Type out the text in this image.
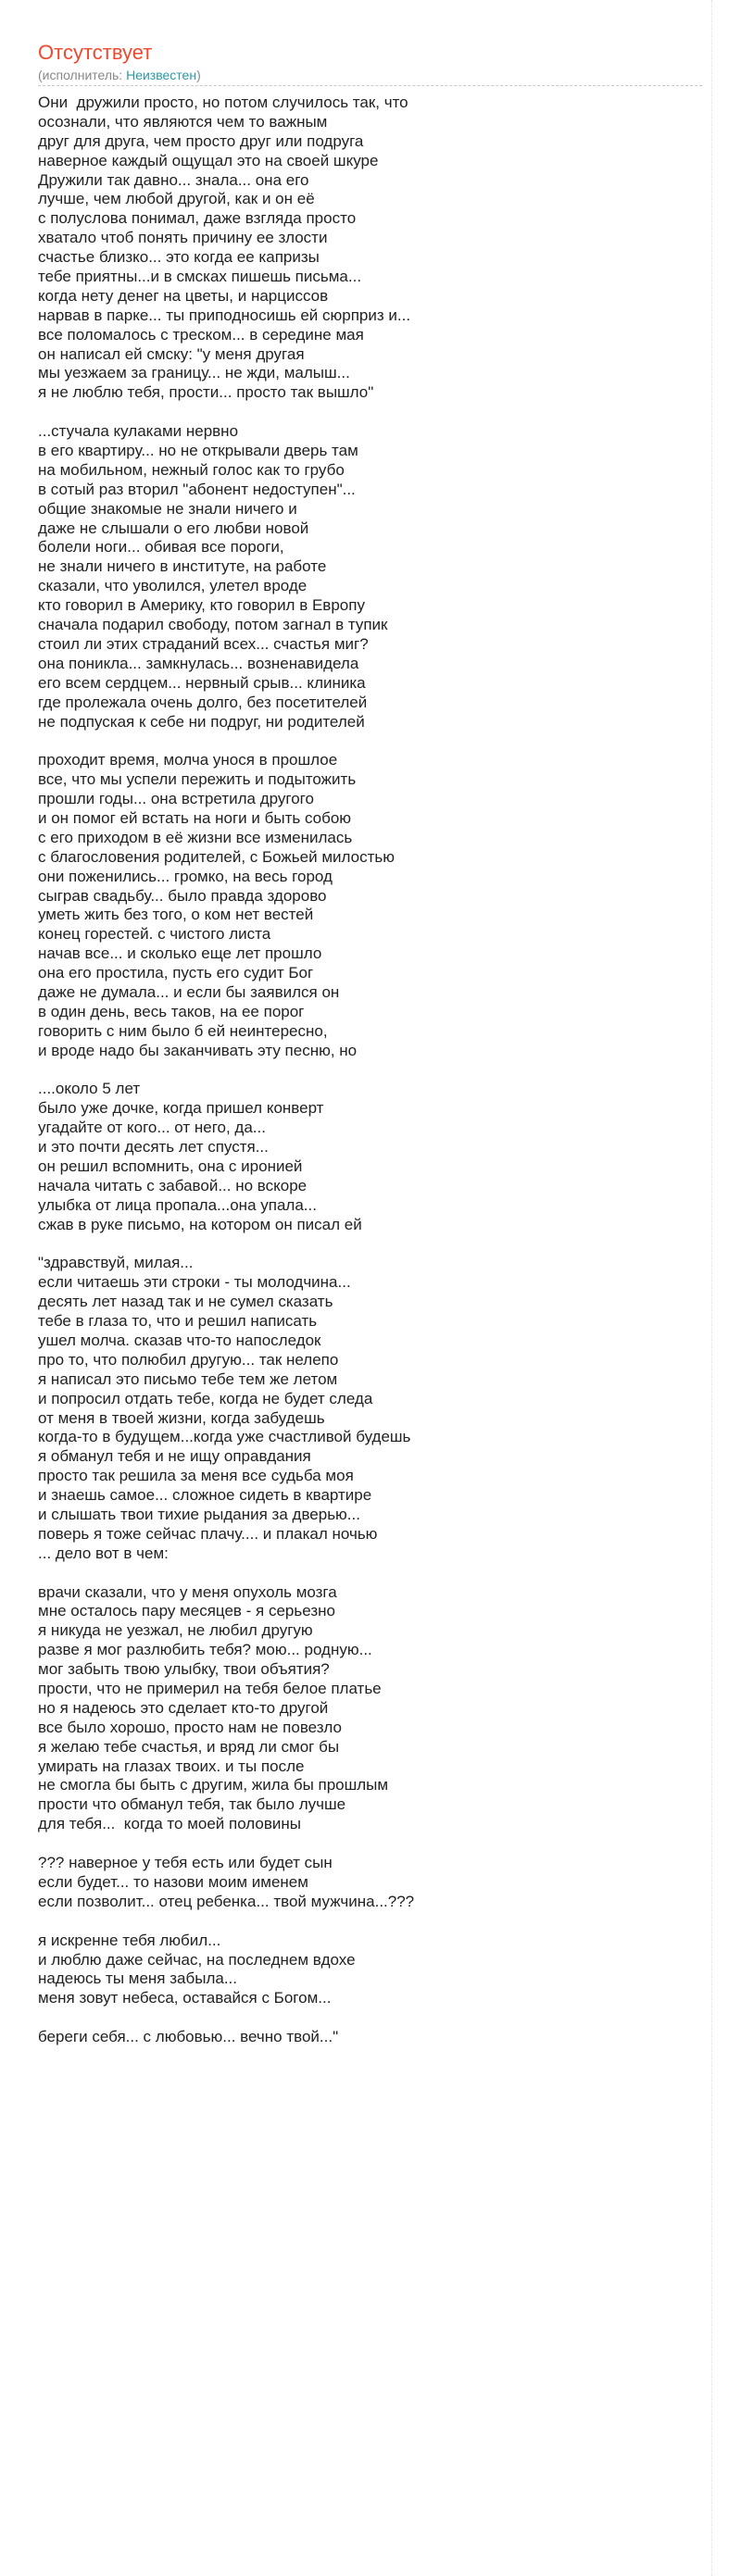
Отсутствует
(исполнитель: Неизвестен)
Они  дружили просто, но потом случилось так, что
осознали, что являются чем то важным
друг для друга, чем просто друг или подруга
наверное каждый ощущал это на своей шкуре
Дружили так давно... знала... она его
лучше, чем любой другой, как и он её
с полуслова понимал, даже взгляда просто
хватало чтоб понять причину ее злости
счастье близко... это когда ее капризы
тебе приятны...и в смсках пишешь письма...
когда нету денег на цветы, и нарциссов
нарвав в парке... ты приподносишь ей сюрприз и...
все поломалось с треском... в середине мая
он написал ей смску: "у меня другая
мы уезжаем за границу... не жди, малыш...
я не люблю тебя, прости... просто так вышло"
...стучала кулаками нервно
в его квартиру... но не открывали дверь там
на мобильном, нежный голос как то грубо
в сотый раз вторил "абонент недоступен"...
общие знакомые не знали ничего и
даже не слышали о его любви новой
болели ноги... обивая все пороги,
не знали ничего в институте, на работе
сказали, что уволился, улетел вроде
кто говорил в Америку, кто говорил в Европу
сначала подарил свободу, потом загнал в тупик
стоил ли этих страданий всех... счастья миг?
она поникла... замкнулась... возненавидела
его всем сердцем... нервный срыв... клиника
где пролежала очень долго, без посетителей
не подпуская к себе ни подруг, ни родителей
проходит время, молча унося в прошлое
все, что мы успели пережить и подытожить
прошли годы... она встретила другого
и он помог ей встать на ноги и быть собою
с его приходом в её жизни все изменилась
с благословения родителей, с Божьей милостью
они поженились... громко, на весь город
сыграв свадьбу... было правда здорово
уметь жить без того, о ком нет вестей
конец горестей. с чистого листа
начав все... и сколько еще лет прошло
она его простила, пусть его судит Бог
даже не думала... и если бы заявился он
в один день, весь таков, на ее порог
говорить с ним было б ей неинтересно,
и вроде надо бы заканчивать эту песню, но
....около 5 лет
было уже дочке, когда пришел конверт
угадайте от кого... от него, да...
и это почти десять лет спустя...
он решил вспомнить, она с иронией
начала читать с забавой... но вскоре
улыбка от лица пропала...она упала...
сжав в руке письмо, на котором он писал ей
"здравствуй, милая...
если читаешь эти строки - ты молодчина...
десять лет назад так и не сумел сказать
тебе в глаза то, что и решил написать
ушел молча. сказав что-то напоследок
про то, что полюбил другую... так нелепо
я написал это письмо тебе тем же летом
и попросил отдать тебе, когда не будет следа
от меня в твоей жизни, когда забудешь
когда-то в будущем...когда уже счастливой будешь
я обманул тебя и не ищу оправдания
просто так решила за меня все судьба моя
и знаешь самое... сложное сидеть в квартире
и слышать твои тихие рыдания за дверью...
поверь я тоже сейчас плачу.... и плакал ночью
... дело вот в чем:
врачи сказали, что у меня опухоль мозга
мне осталось пару месяцев - я серьезно
я никуда не уезжал, не любил другую
разве я мог разлюбить тебя? мою... родную...
мог забыть твою улыбку, твои объятия?
прости, что не примерил на тебя белое платье
но я надеюсь это сделает кто-то другой
все было хорошо, просто нам не повезло
я желаю тебе счастья, и вряд ли смог бы
умирать на глазах твоих. и ты после
не смогла бы быть с другим, жила бы прошлым
прости что обманул тебя, так было лучше
для тебя...  когда то моей половины
??? наверное у тебя есть или будет сын
если будет... то назови моим именем
если позволит... отец ребенка... твой мужчина...???
я искренне тебя любил...
и люблю даже сейчас, на последнем вдохе
надеюсь ты меня забыла...
меня зовут небеса, оставайся с Богом...
береги себя... с любовью... вечно твой..."
